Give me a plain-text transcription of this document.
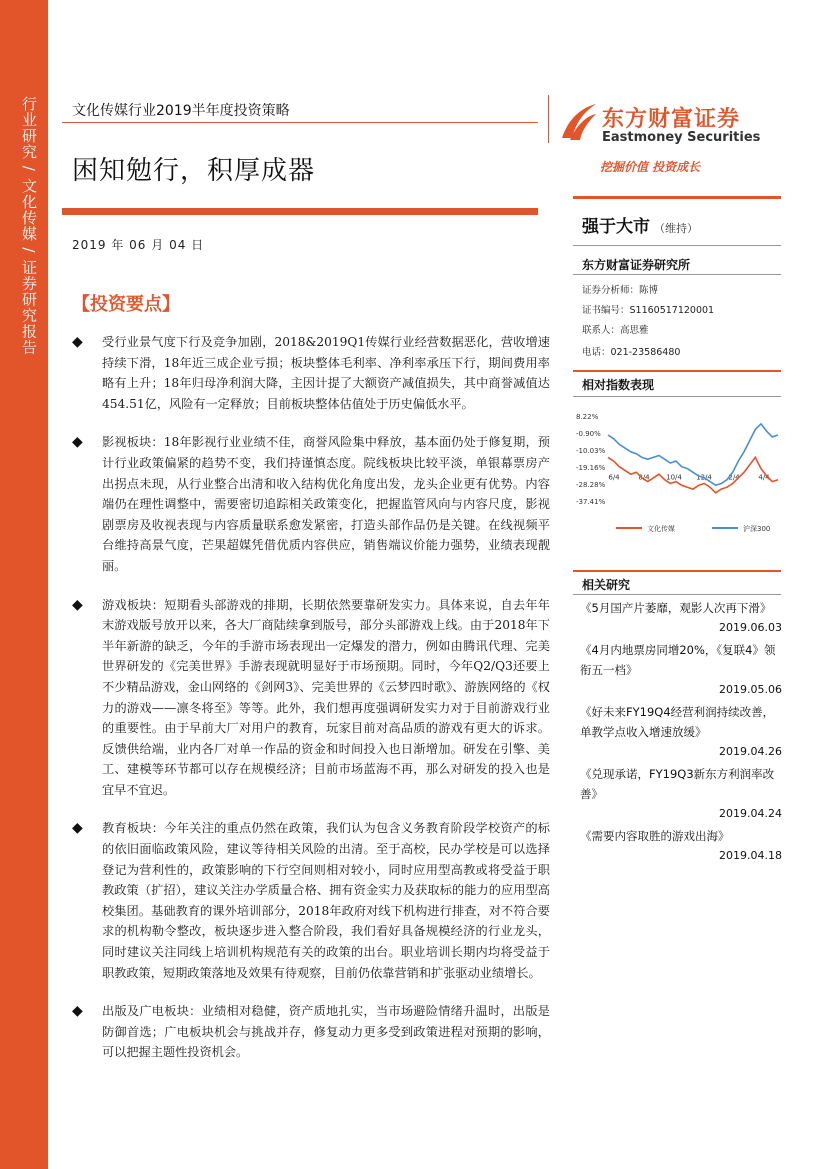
行业研究 / 文化传媒 / 证券研究报告 文化传媒行业2019半年度投资策略
困知勉行，积厚成器
2019 年 06 月 04 日
【投资要点】
◆ 受行业景气度下行及竞争加剧，2018&2019Q1传媒行业经营数据恶化，营收增速持续下滑，18年近三成企业亏损；板块整体毛利率、净利率承压下行，期间费用率略有上升；18年归母净利润大降，主因计提了大额资产减值损失，其中商誉减值达454.51亿，风险有一定释放；目前板块整体估值处于历史偏低水平。
◆ 影视板块：18年影视行业业绩不佳，商誉风险集中释放，基本面仍处于修复期，预计行业政策偏紧的趋势不变，我们持谨慎态度。院线板块比较平淡，单银幕票房产出拐点未现，从行业整合出清和收入结构优化角度出发，龙头企业更有优势。内容端仍在理性调整中，需要密切追踪相关政策变化，把握监管风向与内容尺度，影视剧票房及收视表现与内容质量联系愈发紧密，打造头部作品仍是关键。在线视频平台维持高景气度，芒果超媒凭借优质内容供应，销售端议价能力强势，业绩表现靓丽。
◆ 游戏板块：短期看头部游戏的排期，长期依然要靠研发实力。具体来说，自去年年末游戏版号放开以来，各大厂商陆续拿到版号，部分头部游戏上线。由于2018年下半年新游的缺乏，今年的手游市场表现出一定爆发的潜力，例如由腾讯代理、完美世界研发的《完美世界》手游表现就明显好于市场预期。同时，今年Q2/Q3还要上不少精品游戏，金山网络的《剑网3》、完美世界的《云梦四时歌》、游族网络的《权力的游戏——凛冬将至》等等。此外，我们想再度强调研发实力对于目前游戏行业的重要性。由于早前大厂对用户的教育，玩家目前对高品质的游戏有更大的诉求。反馈供给端，业内各厂对单一作品的资金和时间投入也日渐增加。研发在引擎、美工、建模等环节都可以存在规模经济；目前市场蓝海不再，那么对研发的投入也是宜早不宜迟。
◆ 教育板块：今年关注的重点仍然在政策，我们认为包含义务教育阶段学校资产的标的依旧面临政策风险，建议等待相关风险的出清。至于高校，民办学校是可以选择登记为营利性的，政策影响的下行空间则相对较小，同时应用型高教或将受益于职教政策（扩招），建议关注办学质量合格、拥有资金实力及获取标的能力的应用型高校集团。基础教育的课外培训部分，2018年政府对线下机构进行排查，对不符合要求的机构勒令整改，板块逐步进入整合阶段，我们看好具备规模经济的行业龙头，同时建议关注同线上培训机构规范有关的政策的出台。职业培训长期内均将受益于职教政策，短期政策落地及效果有待观察，目前仍依靠营销和扩张驱动业绩增长。
◆ 出版及广电板块：业绩相对稳健，资产质地扎实，当市场避险情绪升温时，出版是防御首选；广电板块机会与挑战并存，修复动力更多受到政策进程对预期的影响，可以把握主题性投资机会。
东方财富证券
Eastmoney Securities
挖掘价值 投资成长
强于大市 （维持）
东方财富证券研究所
证券分析师：陈博
证书编号：S1160517120001
联系人：高思雅
电话：021-23586480
相对指数表现
8.22%
-0.90%
-10.03%
-19.16%
-28.28%
-37.41%
6/4	8/4 10/4 12/4 2/4	4/4
文化传媒	沪深300
相关研究
《5月国产片萎靡，观影人次再下滑》
2019.06.03
《4月内地票房同增20%，《复联4》领衔五一档》
2019.05.06
《好未来FY19Q4经营利润持续改善，单教学点收入增速放缓》
2019.04.26
《兑现承诺，FY19Q3新东方利润率改善》
2019.04.24
《需要内容取胜的游戏出海》
2019.04.18
